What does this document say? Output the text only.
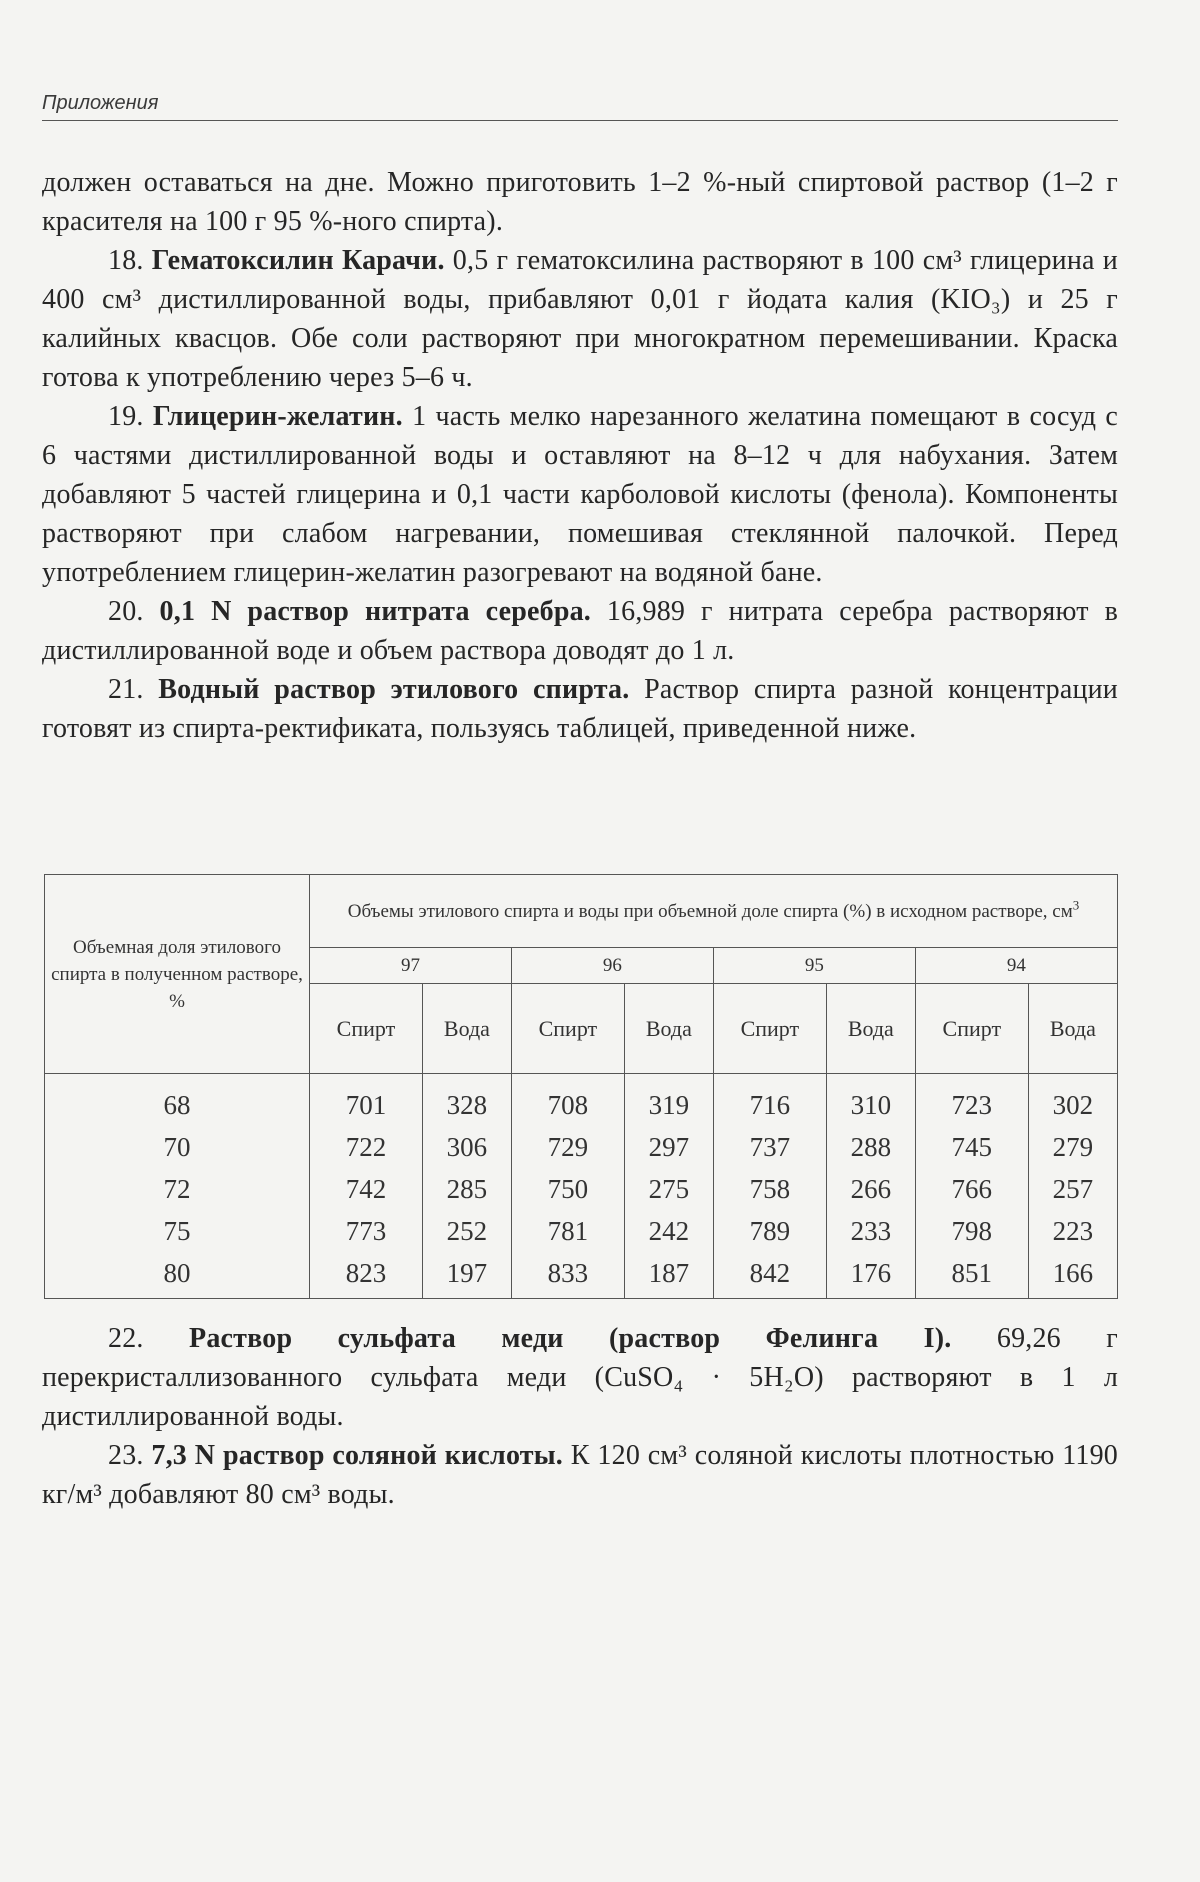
Приложения

должен оставаться на дне. Можно приготовить 1–2 %-ный спиртовой раствор (1–2 г красителя на 100 г 95 %-ного спирта).

18. Гематоксилин Карачи. 0,5 г гематоксилина растворяют в 100 см³ глицерина и 400 см³ дистиллированной воды, прибавляют 0,01 г йодата калия (KIO₃) и 25 г калийных квасцов. Обе соли растворяют при многократном перемешивании. Краска готова к употреблению через 5–6 ч.

19. Глицерин-желатин. 1 часть мелко нарезанного желатина помещают в сосуд с 6 частями дистиллированной воды и оставляют на 8–12 ч для набухания. Затем добавляют 5 частей глицерина и 0,1 части карболовой кислоты (фенола). Компоненты растворяют при слабом нагревании, помешивая стеклянной палочкой. Перед употреблением глицерин-желатин разогревают на водяной бане.

20. 0,1 N раствор нитрата серебра. 16,989 г нитрата серебра растворяют в дистиллированной воде и объем раствора доводят до 1 л.

21. Водный раствор этилового спирта. Раствор спирта разной концентрации готовят из спирта-ректификата, пользуясь таблицей, приведенной ниже.

Объемная доля этилового спирта в полученном растворе, %	Объемы этилового спирта и воды при объемной доле спирта (%) в исходном растворе, $см^3$
	97		96		95		94	
	Спирт	Вода	Спирт	Вода	Спирт	Вода	Спирт	Вода
68	701	328	708	319	716	310	723	302
70	722	306	729	297	737	288	745	279
72	742	285	750	275	758	266	766	257
75	773	252	781	242	789	233	798	223
80	823	197	833	187	842	176	851	166

22. Раствор сульфата меди (раствор Фелинга I). 69,26 г перекристаллизованного сульфата меди (CuSO₄ · 5H₂O) растворяют в 1 л дистиллированной воды.

23. 7,3 N раствор соляной кислоты. К 120 см³ соляной кислоты плотностью 1190 кг/м³ добавляют 80 см³ воды.
